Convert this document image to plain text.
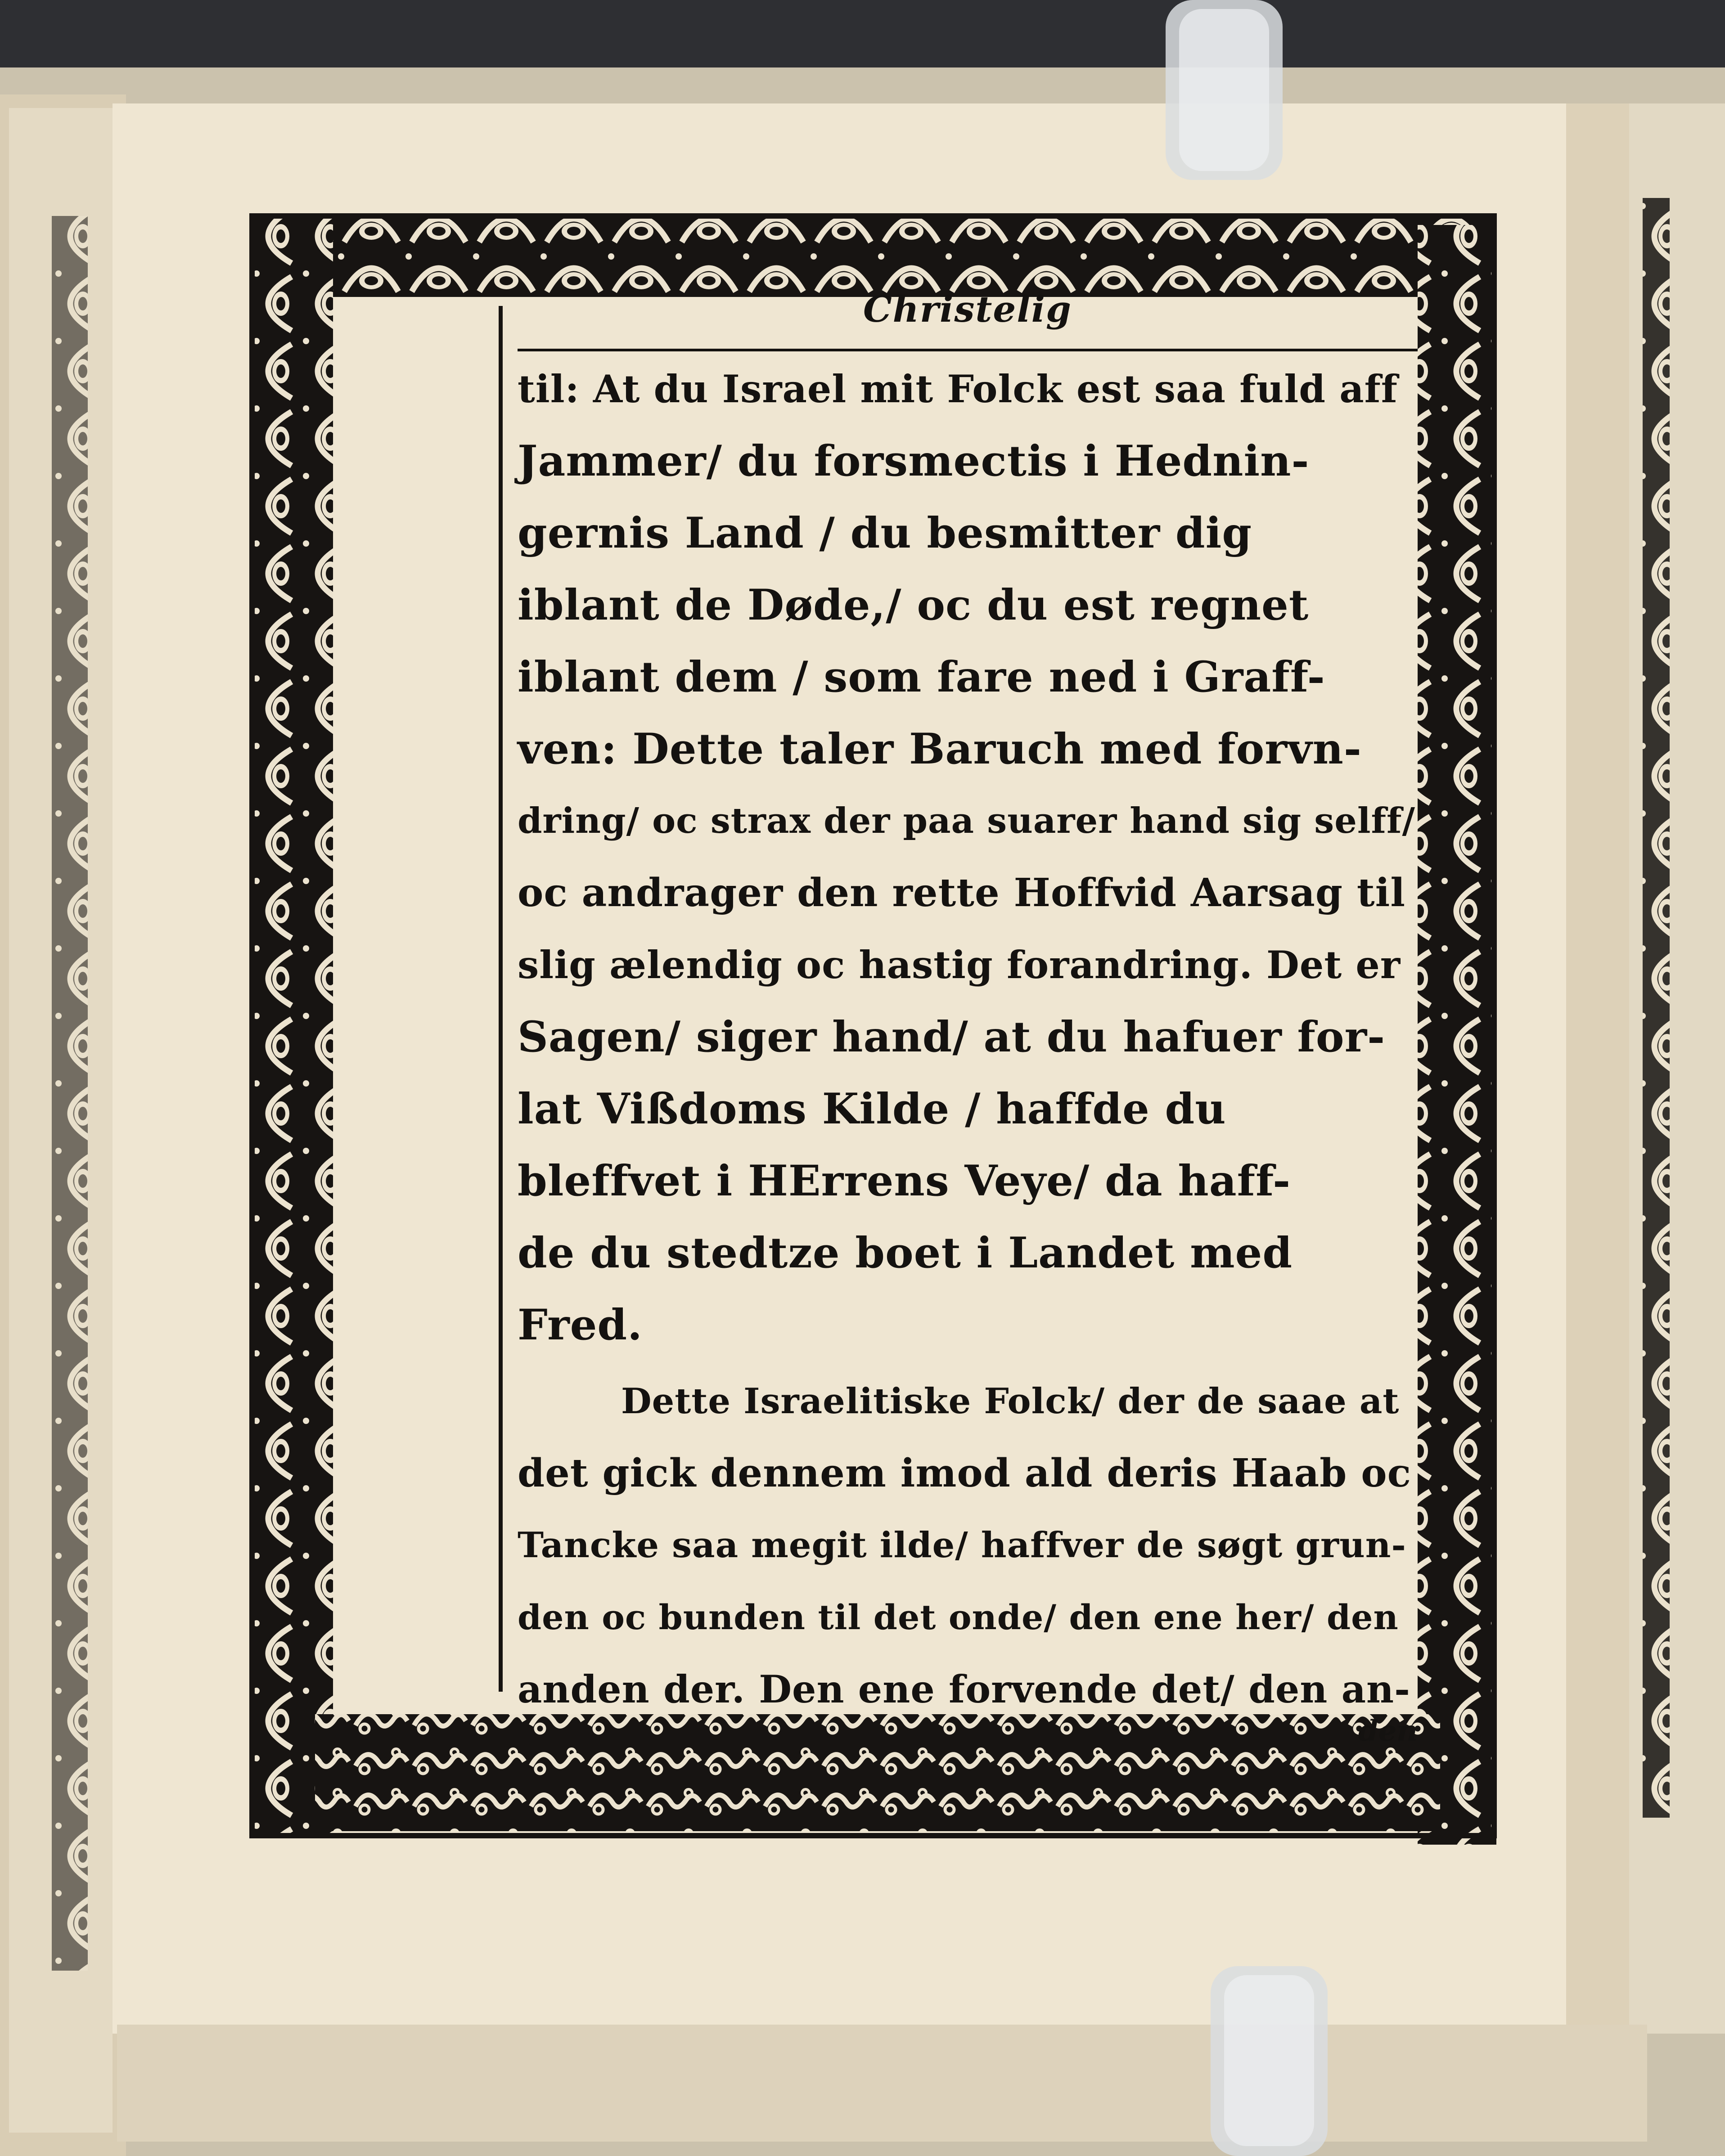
Christelig
til: At du Israel mit Folck est saa fuld aff
Jammer/ du forsmectis i Hednin-
gernis Land / du besmitter dig
iblant de Døde,/ oc du est regnet
iblant dem / som fare ned i Graff-
ven: Dette taler Baruch med forvn-
dring/ oc strax der paa suarer hand sig selff/
oc andrager den rette Hoffvid Aarsag til
slig ælendig oc hastig forandring. Det er
Sagen/ siger hand/ at du hafuer for-
lat Vißdoms Kilde / haffde du
bleffvet i HErrens Veye/ da haff-
de du stedtze boet i Landet med
Fred.
Dette Israelitiske Folck/ der de saae at
det gick dennem imod ald deris Haab oc
Tancke saa megit ilde/ haffver de søgt grun-
den oc bunden til det onde/ den ene her/ den
anden der. Den ene forvende det/ den an-
den
